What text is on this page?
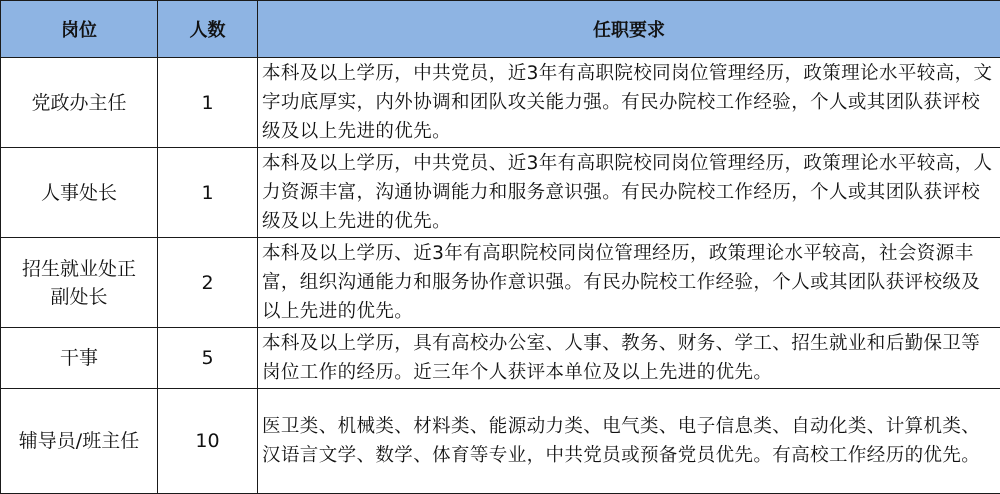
岗位	人数	任职要求
党政办主任	1	本科及以上学历，中共党员，近3年有高职院校同岗位管理经历，政策理论水平较高，文字功底厚实，内外协调和团队攻关能力强。有民办院校工作经验，个人或其团队获评校级及以上先进的优先。
人事处长	1	本科及以上学历，中共党员、近3年有高职院校同岗位管理经历，政策理论水平较高，人力资源丰富，沟通协调能力和服务意识强。有民办院校工作经历，个人或其团队获评校级及以上先进的优先。

招生就业处正副处长	2	本科及以上学历、近3年有高职院校同岗位管理经历，政策理论水平较高，社会资源丰富，组织沟通能力和服务协作意识强。有民办院校工作经验，个人或其团队获评校级及以上先进的优先。
干事	5	本科及以上学历，具有高校办公室、人事、教务、财务、学工、招生就业和后勤保卫等岗位工作的经历。近三年个人获评本单位及以上先进的优先。
辅导员/班主任	10	医卫类、机械类、材料类、能源动力类、电气类、电子信息类、自动化类、计算机类、汉语言文学、数学、体育等专业，中共党员或预备党员优先。有高校工作经历的优先。
